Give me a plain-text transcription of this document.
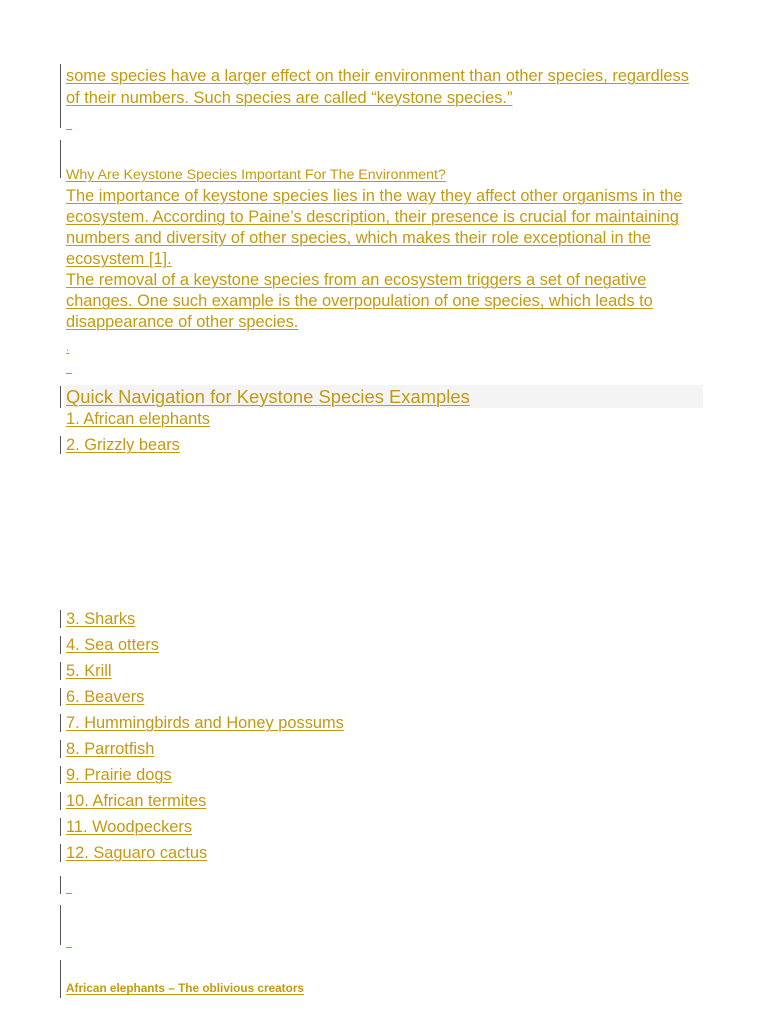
some species have a larger effect on their environment than other species, regardless of their numbers. Such species are called “keystone species.”

Why Are Keystone Species Important For The Environment?

The importance of keystone species lies in the way they affect other organisms in the ecosystem. According to Paine’s description, their presence is crucial for maintaining numbers and diversity of other species, which makes their role exceptional in the ecosystem [1].

The removal of a keystone species from an ecosystem triggers a set of negative changes. One such example is the overpopulation of one species, which leads to disappearance of other species.

.

Quick Navigation for Keystone Species Examples
1. African elephants
2. Grizzly bears
3. Sharks
4. Sea otters
5. Krill
6. Beavers
7. Hummingbirds and Honey possums
8. Parrotfish
9. Prairie dogs
10. African termites
11. Woodpeckers
12. Saguaro cactus

African elephants – The oblivious creators
